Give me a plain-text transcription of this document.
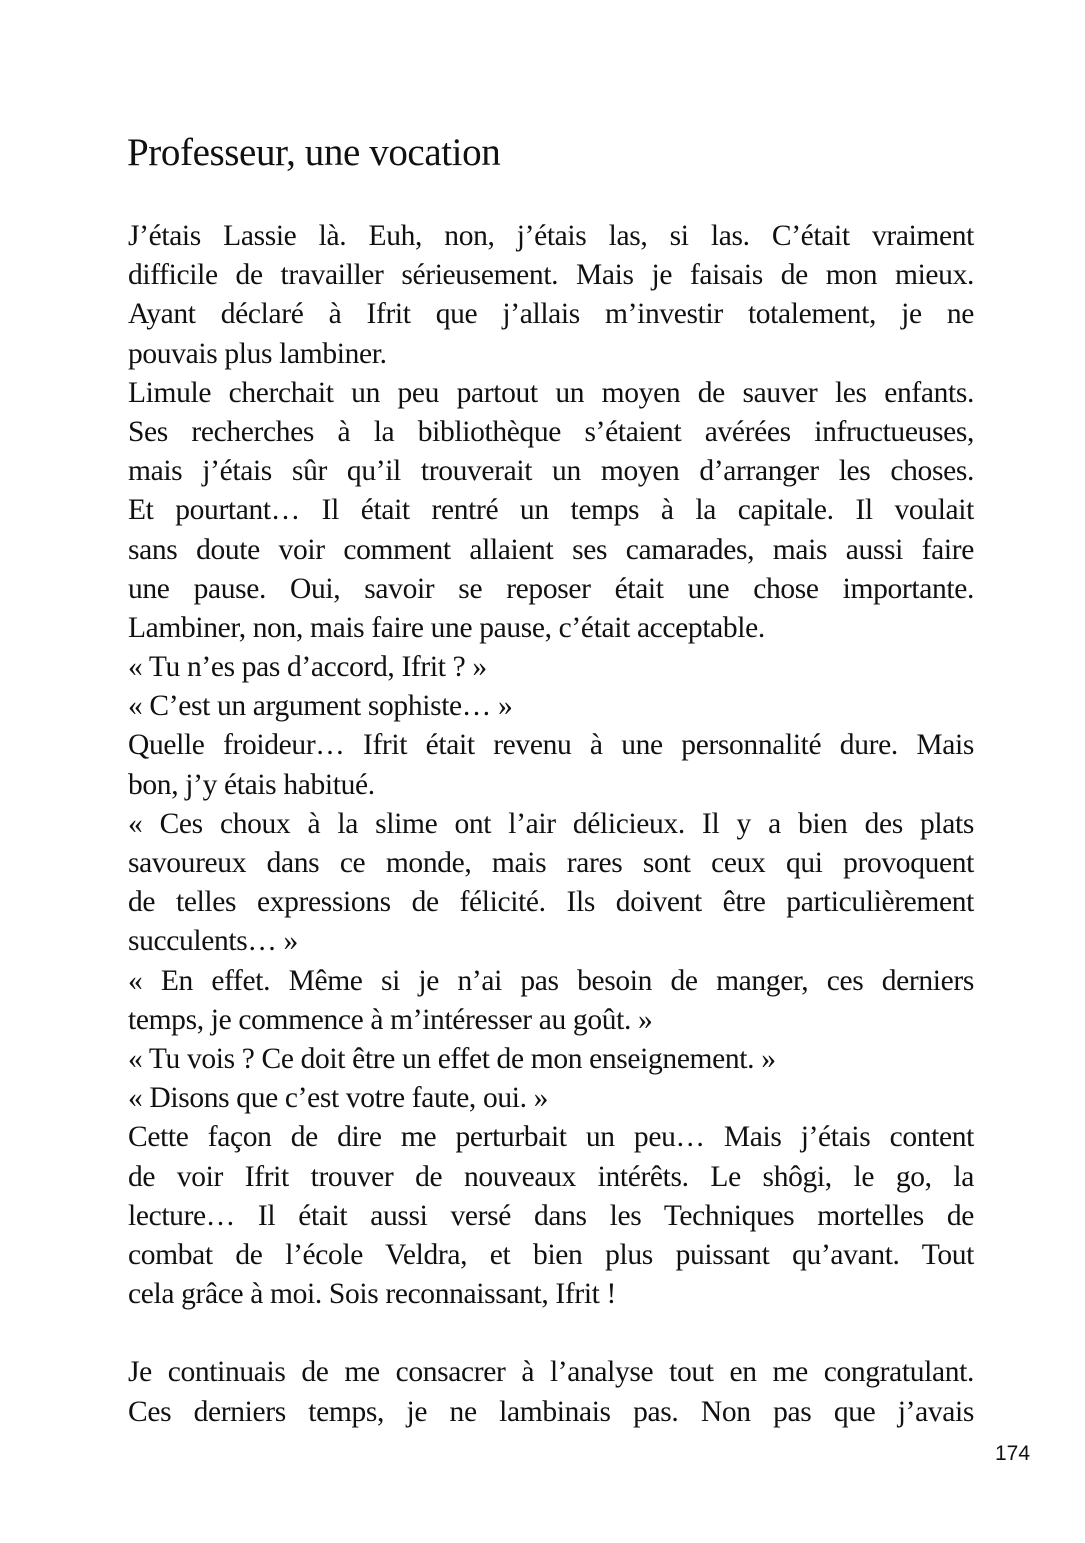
Professeur, une vocation
J’étais Lassie là. Euh, non, j’étais las, si las. C’était vraiment
difficile de travailler sérieusement. Mais je faisais de mon mieux.
Ayant déclaré à Ifrit que j’allais m’investir totalement, je ne
pouvais plus lambiner.
Limule cherchait un peu partout un moyen de sauver les enfants.
Ses recherches à la bibliothèque s’étaient avérées infructueuses,
mais j’étais sûr qu’il trouverait un moyen d’arranger les choses.
Et pourtant… Il était rentré un temps à la capitale. Il voulait
sans doute voir comment allaient ses camarades, mais aussi faire
une pause. Oui, savoir se reposer était une chose importante.
Lambiner, non, mais faire une pause, c’était acceptable.
« Tu n’es pas d’accord, Ifrit ? »
« C’est un argument sophiste… »
Quelle froideur… Ifrit était revenu à une personnalité dure. Mais
bon, j’y étais habitué.
« Ces choux à la slime ont l’air délicieux. Il y a bien des plats
savoureux dans ce monde, mais rares sont ceux qui provoquent
de telles expressions de félicité. Ils doivent être particulièrement
succulents… »
« En effet. Même si je n’ai pas besoin de manger, ces derniers
temps, je commence à m’intéresser au goût. »
« Tu vois ? Ce doit être un effet de mon enseignement. »
« Disons que c’est votre faute, oui. »
Cette façon de dire me perturbait un peu… Mais j’étais content
de voir Ifrit trouver de nouveaux intérêts. Le shôgi, le go, la
lecture… Il était aussi versé dans les Techniques mortelles de
combat de l’école Veldra, et bien plus puissant qu’avant. Tout
cela grâce à moi. Sois reconnaissant, Ifrit !
Je continuais de me consacrer à l’analyse tout en me congratulant.
Ces derniers temps, je ne lambinais pas. Non pas que j’avais
174
